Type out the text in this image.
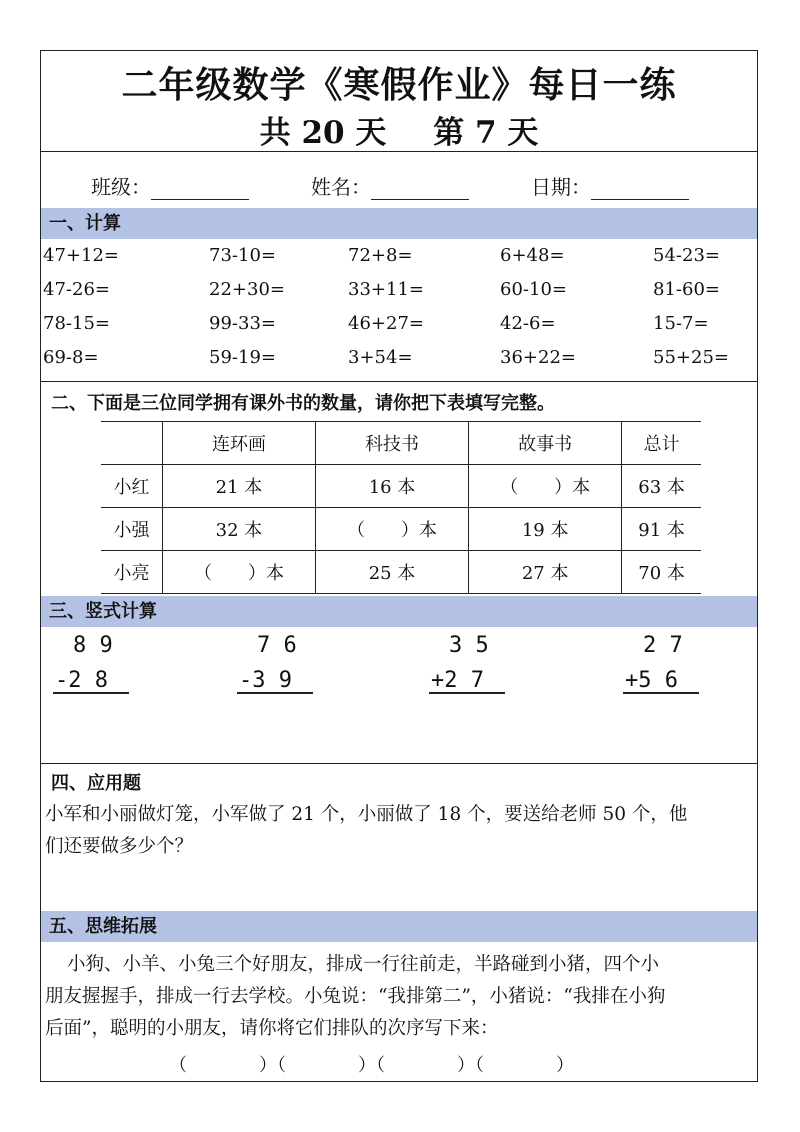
二年级数学《寒假作业》每日一练
共 20 天 第 7 天
班级：	姓名：	日期：
一、计算
47+12=	73-10=	72+8=	6+48=	54-23=
47-26=	22+30=	33+11=	60-10=	81-60=
78-15=	99-33=	46+27=	42-6=	15-7=
69-8=	59-19=	3+54=	36+22=	55+25=
二、下面是三位同学拥有课外书的数量，请你把下表填写完整。
	连环画	科技书	故事书	总计
小红	21 本	16 本	（　　）本	63 本
小强	32 本	（　　）本	19 本	91 本
小亮	（　　）本	25 本	27 本	70 本
三、竖式计算
8 9
-2 8
7 6
-3 9
3 5
+2 7
2 7
+5 6
四、应用题
小军和小丽做灯笼，小军做了 21 个，小丽做了 18 个，要送给老师 50 个，他
们还要做多少个？
五、思维拓展
小狗、小羊、小兔三个好朋友，排成一行往前走，半路碰到小猪，四个小
朋友握握手，排成一行去学校。小兔说：“我排第二”，小猪说：“我排在小狗
后面”，聪明的小朋友，请你将它们排队的次序写下来：
（　　　　）（　　　　）（　　　　）（　　　　）
